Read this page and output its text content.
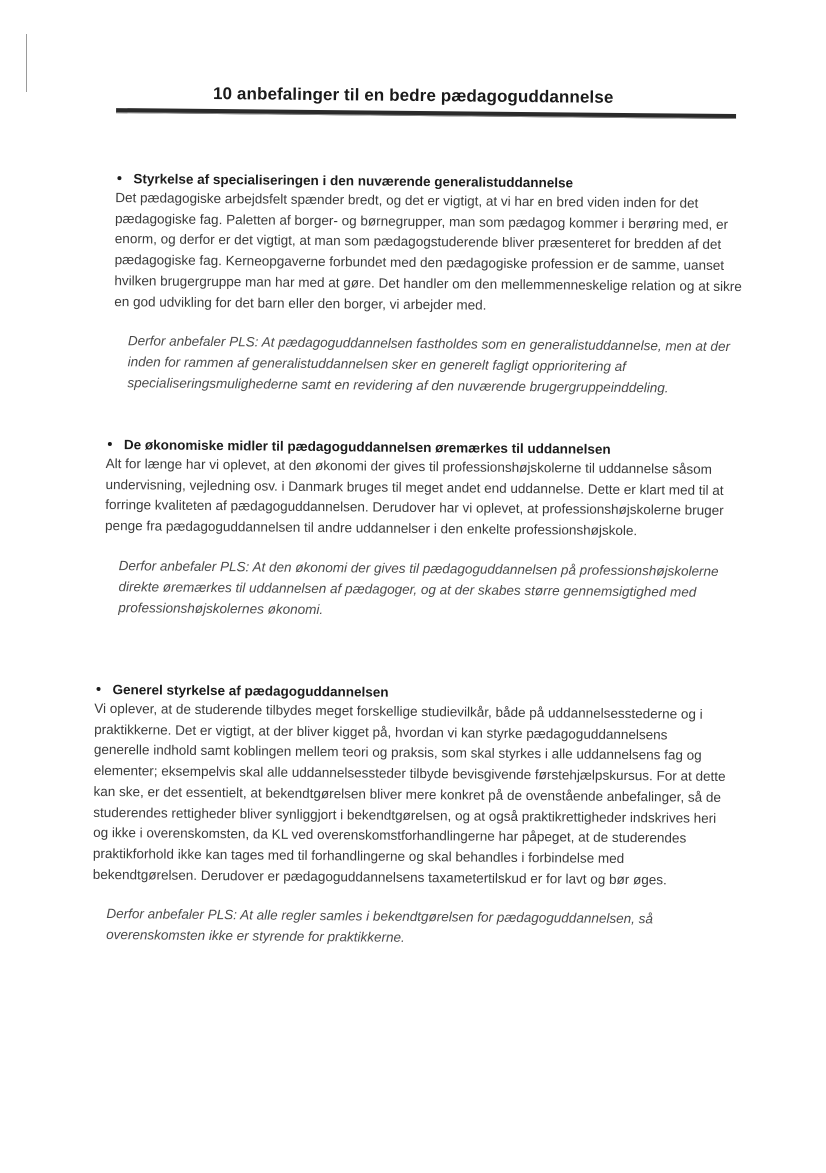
10 anbefalinger til en bedre pædagoguddannelse
Styrkelse af specialiseringen i den nuværende generalistuddannelse

Det pædagogiske arbejdsfelt spænder bredt, og det er vigtigt, at vi har en bred viden inden for det pædagogiske fag. Paletten af borger- og børnegrupper, man som pædagog kommer i berøring med, er enorm, og derfor er det vigtigt, at man som pædagogstuderende bliver præsenteret for bredden af det pædagogiske fag. Kerneopgaverne forbundet med den pædagogiske profession er de samme, uanset hvilken brugergruppe man har med at gøre. Det handler om den mellemmenneskelige relation og at sikre en god udvikling for det barn eller den borger, vi arbejder med.

Derfor anbefaler PLS: At pædagoguddannelsen fastholdes som en generalistuddannelse, men at der inden for rammen af generalistuddannelsen sker en generelt fagligt opprioritering af specialiseringsmulighederne samt en revidering af den nuværende brugergruppeinddeling.

De økonomiske midler til pædagoguddannelsen øremærkes til uddannelsen

Alt for længe har vi oplevet, at den økonomi der gives til professionshøjskolerne til uddannelse såsom undervisning, vejledning osv. i Danmark bruges til meget andet end uddannelse. Dette er klart med til at forringe kvaliteten af pædagoguddannelsen. Derudover har vi oplevet, at professionshøjskolerne bruger penge fra pædagoguddannelsen til andre uddannelser i den enkelte professionshøjskole.

Derfor anbefaler PLS: At den økonomi der gives til pædagoguddannelsen på professionshøjskolerne direkte øremærkes til uddannelsen af pædagoger, og at der skabes større gennemsigtighed med professionshøjskolernes økonomi.

Generel styrkelse af pædagoguddannelsen

Vi oplever, at de studerende tilbydes meget forskellige studievilkår, både på uddannelsesstederne og i praktikkerne. Det er vigtigt, at der bliver kigget på, hvordan vi kan styrke pædagoguddannelsens generelle indhold samt koblingen mellem teori og praksis, som skal styrkes i alle uddannelsens fag og elementer; eksempelvis skal alle uddannelsessteder tilbyde bevisgivende førstehjælpskursus. For at dette kan ske, er det essentielt, at bekendtgørelsen bliver mere konkret på de ovenstående anbefalinger, så de studerendes rettigheder bliver synliggjort i bekendtgørelsen, og at også praktikrettigheder indskrives heri og ikke i overenskomsten, da KL ved overenskomstforhandlingerne har påpeget, at de studerendes praktikforhold ikke kan tages med til forhandlingerne og skal behandles i forbindelse med bekendtgørelsen. Derudover er pædagoguddannelsens taxametertilskud er for lavt og bør øges.

Derfor anbefaler PLS: At alle regler samles i bekendtgørelsen for pædagoguddannelsen, så overenskomsten ikke er styrende for praktikkerne.
